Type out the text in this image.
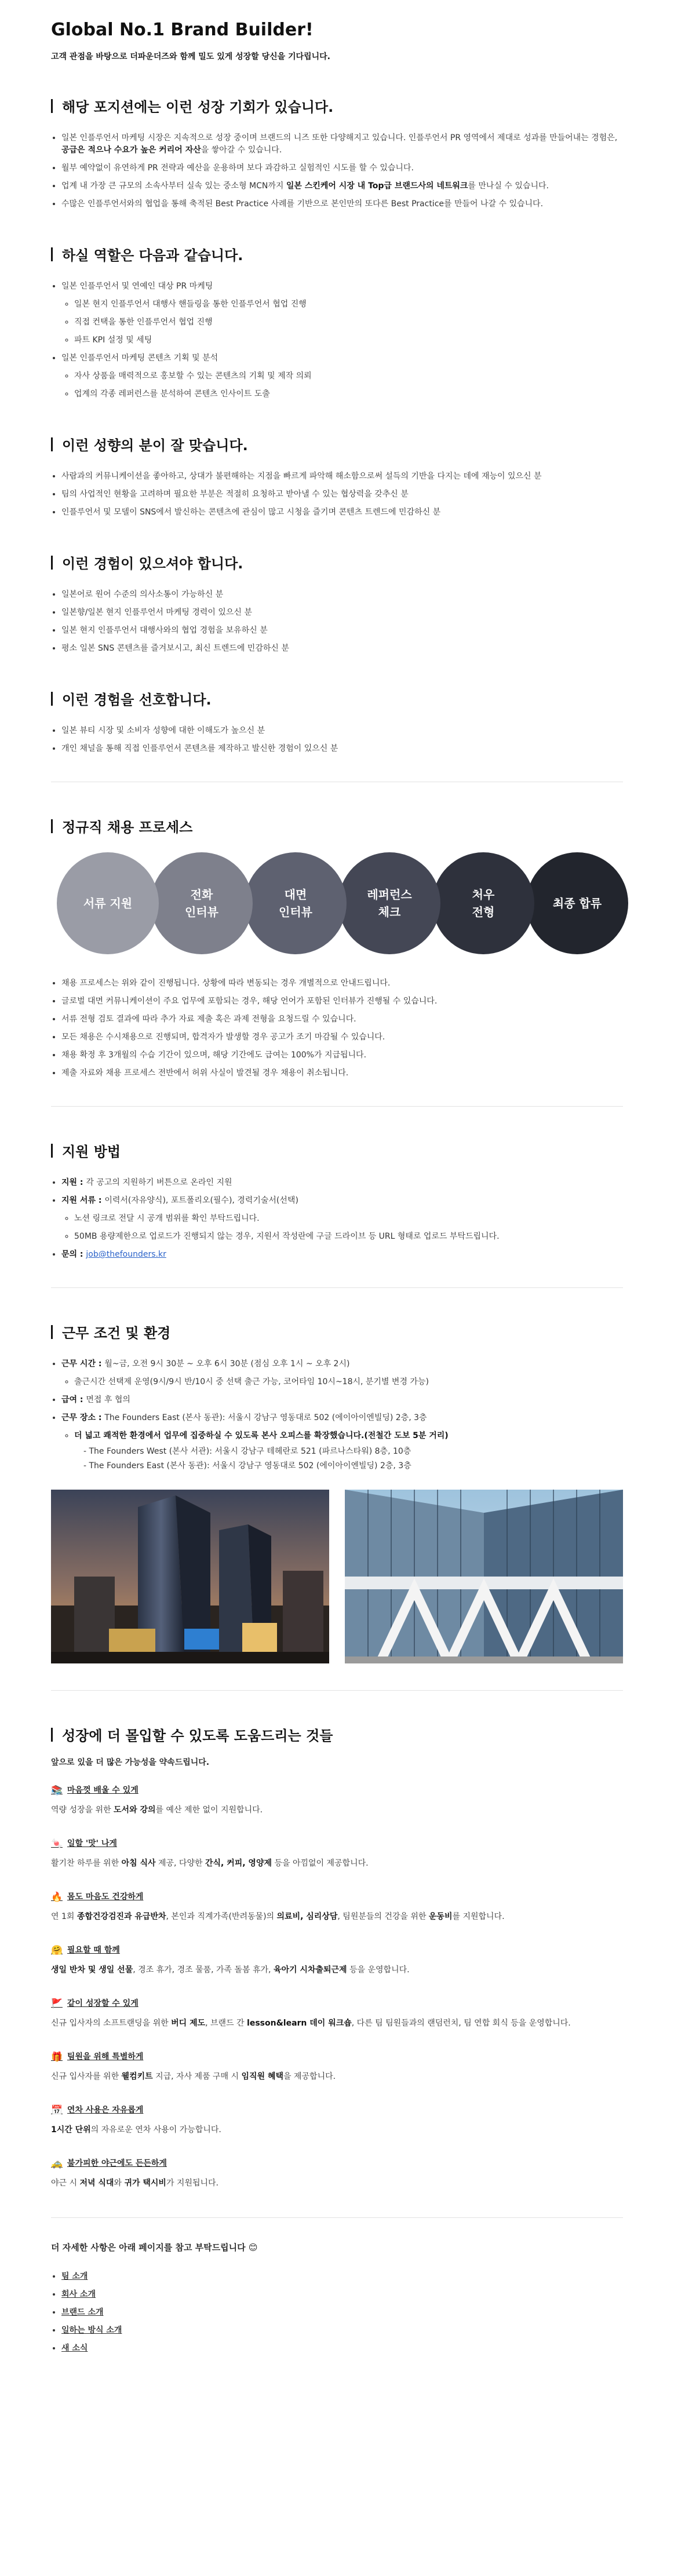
Global No.1 Brand Builder!
고객 관점을 바탕으로 더파운더즈와 함께 밀도 있게 성장할 당신을 기다립니다.
해당 포지션에는 이런 성장 기회가 있습니다.
• 일본 인플루언서 마케팅 시장은 지속적으로 성장 중이며 브랜드의 니즈 또한 다양해지고 있습니다. 인플루언서 PR 영역에서 제대로 성과를 만들어내는 경험은, 공급은 적으나 수요가 높은 커리어 자산을 쌓아갈 수 있습니다.
• 월부 예약없이 유연하게 PR 전략과 예산을 운용하며 보다 과감하고 실험적인 시도를 할 수 있습니다.
• 업계 내 가장 큰 규모의 소속사부터 실속 있는 중소형 MCN까지 일본 스킨케어 시장 내 Top급 브랜드사의 네트워크를 만나실 수 있습니다.
• 수많은 인플루언서와의 협업을 통해 축적된 Best Practice 사례를 기반으로 본인만의 또다른 Best Practice를 만들어 나갈 수 있습니다.
하실 역할은 다음과 같습니다.
• 일본 인플루언서 및 연예인 대상 PR 마케팅
◦ 일본 현지 인플루언서 대행사 핸들링을 통한 인플루언서 협업 진행
◦ 직접 컨택을 통한 인플루언서 협업 진행
◦ 파트 KPI 설정 및 세팅
• 일본 인플루언서 마케팅 콘텐츠 기획 및 분석
◦ 자사 상품을 매력적으로 홍보할 수 있는 콘텐츠의 기획 및 제작 의뢰
◦ 업계의 각종 레퍼런스를 분석하여 콘텐츠 인사이트 도출
이런 성향의 분이 잘 맞습니다.
• 사람과의 커뮤니케이션을 좋아하고, 상대가 불편해하는 지점을 빠르게 파악해 해소함으로써 설득의 기반을 다지는 데에 재능이 있으신 분
• 팀의 사업적인 현황을 고려하며 필요한 부분은 적절히 요청하고 받아낼 수 있는 협상력을 갖추신 분
• 인플루언서 및 모델이 SNS에서 발신하는 콘텐츠에 관심이 많고 시청을 즐기며 콘텐츠 트렌드에 민감하신 분
이런 경험이 있으셔야 합니다.
• 일본어로 원어 수준의 의사소통이 가능하신 분
• 일본향/일본 현지 인플루언서 마케팅 경력이 있으신 분
• 일본 현지 인플루언서 대행사와의 협업 경험을 보유하신 분
• 평소 일본 SNS 콘텐츠를 즐겨보시고, 최신 트렌드에 민감하신 분
이런 경험을 선호합니다.
• 일본 뷰티 시장 및 소비자 성향에 대한 이해도가 높으신 분
• 개인 채널을 통해 직접 인플루언서 콘텐츠를 제작하고 발신한 경험이 있으신 분
정규직 채용 프로세스
서류 지원
전화
인터뷰
대면
인터뷰
레퍼런스
체크
처우
전형
최종 합류
• 채용 프로세스는 위와 같이 진행됩니다. 상황에 따라 변동되는 경우 개별적으로 안내드립니다.
• 글로벌 대면 커뮤니케이션이 주요 업무에 포함되는 경우, 해당 언어가 포함된 인터뷰가 진행될 수 있습니다.
• 서류 전형 검토 결과에 따라 추가 자료 제출 혹은 과제 전형을 요청드릴 수 있습니다.
• 모든 채용은 수시채용으로 진행되며, 합격자가 발생할 경우 공고가 조기 마감될 수 있습니다.
• 채용 확정 후 3개월의 수습 기간이 있으며, 해당 기간에도 급여는 100%가 지급됩니다.
• 제출 자료와 채용 프로세스 전반에서 허위 사실이 발견될 경우 채용이 취소됩니다.
지원 방법
• 지원 : 각 공고의 지원하기 버튼으로 온라인 지원
• 지원 서류 : 이력서(자유양식), 포트폴리오(필수), 경력기술서(선택)
◦ 노션 링크로 전달 시 공개 범위를 확인 부탁드립니다.
◦ 50MB 용량제한으로 업로드가 진행되지 않는 경우, 지원서 작성란에 구글 드라이브 등 URL 형태로 업로드 부탁드립니다.
• 문의 : job@thefounders.kr
근무 조건 및 환경
• 근무 시간 : 월~금, 오전 9시 30분 ~ 오후 6시 30분 (점심 오후 1시 ~ 오후 2시)
◦ 출근시간 선택제 운영(9시/9시 반/10시 중 선택 출근 가능, 코어타임 10시~18시, 분기별 변경 가능)
• 급여 : 면접 후 협의
• 근무 장소 : The Founders East (본사 동관): 서울시 강남구 영동대로 502 (에이아이엔빌딩) 2층, 3층
◦ 더 넓고 쾌적한 환경에서 업무에 집중하실 수 있도록 본사 오피스를 확장했습니다.(전철간 도보 5분 거리)
- The Founders West (본사 서관): 서울시 강남구 테헤란로 521 (파르나스타워) 8층, 10층
- The Founders East (본사 동관): 서울시 강남구 영동대로 502 (에이아이엔빌딩) 2층, 3층
성장에 더 몰입할 수 있도록 도움드리는 것들
앞으로 있을 더 많은 가능성을 약속드립니다.
📚 마음껏 배울 수 있게
역량 성장을 위한 도서와 강의를 예산 제한 없이 지원합니다.
🍬 일할 '맛' 나게
활기찬 하루를 위한 아침 식사 제공, 다양한 간식, 커피, 영양제 등을 아낌없이 제공합니다.
🔥 몸도 마음도 건강하게
연 1회 종합건강검진과 유급반차, 본인과 직계가족(반려동물)의 의료비, 심리상담, 팀원분들의 건강을 위한 운동비를 지원합니다.
🤗 필요할 때 함께
생일 반차 및 생일 선물, 경조 휴가, 경조 물품, 가족 돌봄 휴가, 육아기 시차출퇴근제 등을 운영합니다.
🚩 같이 성장할 수 있게
신규 입사자의 소프트랜딩을 위한 버디 제도, 브랜드 간 lesson&learn 데이 워크숍, 다른 팀 팀원들과의 랜덤런치, 팀 연합 회식 등을 운영합니다.
🎁 팀원을 위해 특별하게
신규 입사자를 위한 웰컴키트 지급, 자사 제품 구매 시 임직원 혜택을 제공합니다.
📅 연차 사용은 자유롭게
1시간 단위의 자유로운 연차 사용이 가능합니다.
🚕 불가피한 야근에도 든든하게
야근 시 저녁 식대와 귀가 택시비가 지원됩니다.
더 자세한 사항은 아래 페이지를 참고 부탁드립니다 😊
• 팀 소개
• 회사 소개
• 브랜드 소개
• 일하는 방식 소개
• 새 소식
